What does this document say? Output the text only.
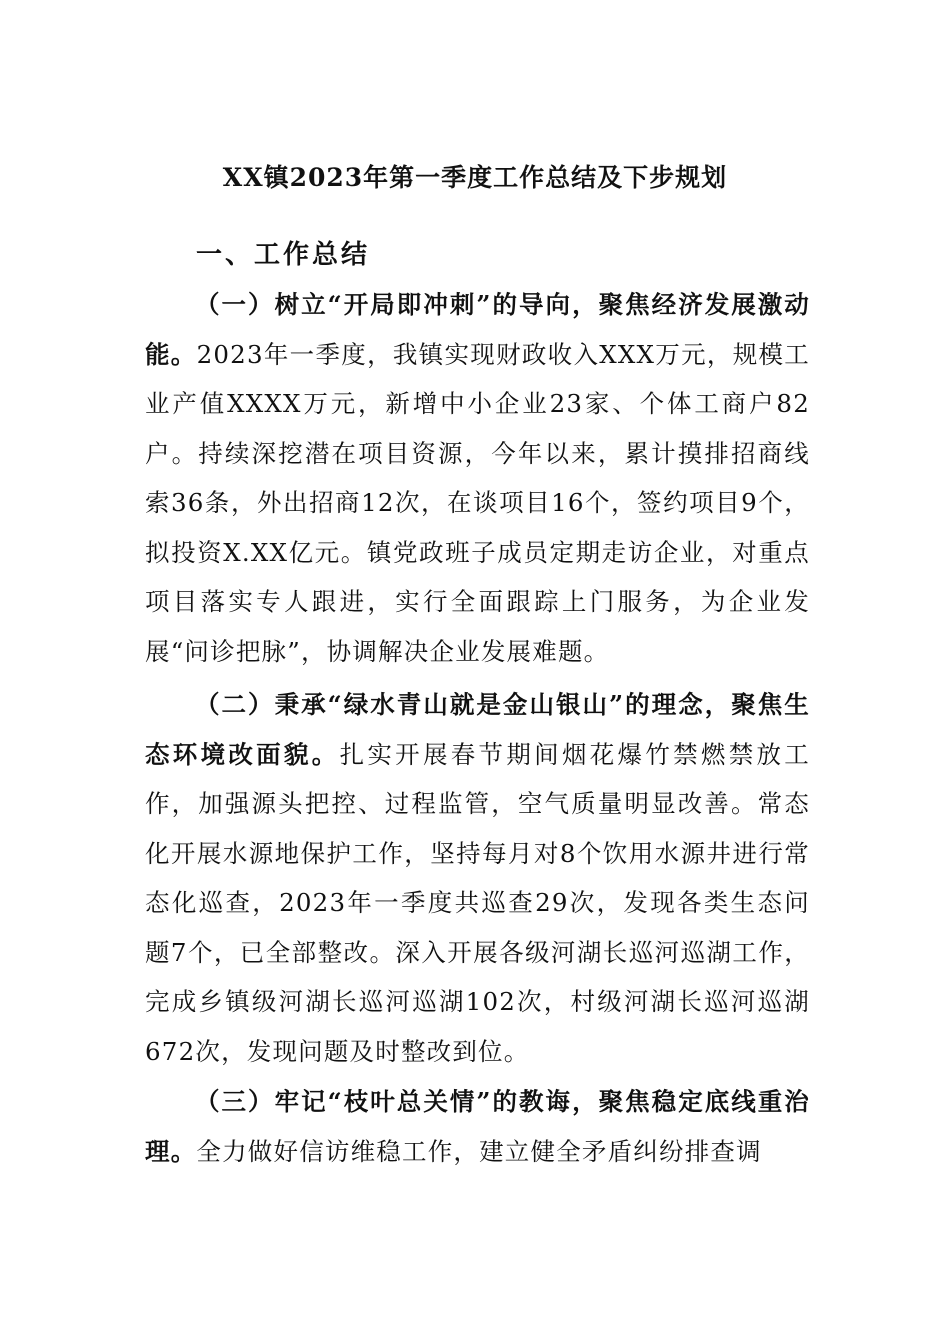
XX镇2023年第一季度工作总结及下步规划
一、工作总结

（一）树立“开局即冲刺”的导向，聚焦经济发展激动能。2023年一季度，我镇实现财政收入XXX万元，规模工业产值XXXX万元，新增中小企业23家、个体工商户82户。持续深挖潜在项目资源，今年以来，累计摸排招商线索36条，外出招商12次，在谈项目16个，签约项目9个，拟投资X.XX亿元。镇党政班子成员定期走访企业，对重点项目落实专人跟进，实行全面跟踪上门服务，为企业发展“问诊把脉”，协调解决企业发展难题。

（二）秉承“绿水青山就是金山银山”的理念，聚焦生态环境改面貌。扎实开展春节期间烟花爆竹禁燃禁放工作，加强源头把控、过程监管，空气质量明显改善。常态化开展水源地保护工作，坚持每月对8个饮用水源井进行常态化巡查，2023年一季度共巡查29次，发现各类生态问题7个，已全部整改。深入开展各级河湖长巡河巡湖工作，完成乡镇级河湖长巡河巡湖102次，村级河湖长巡河巡湖672次，发现问题及时整改到位。

（三）牢记“枝叶总关情”的教诲，聚焦稳定底线重治理。全力做好信访维稳工作，建立健全矛盾纠纷排查调
